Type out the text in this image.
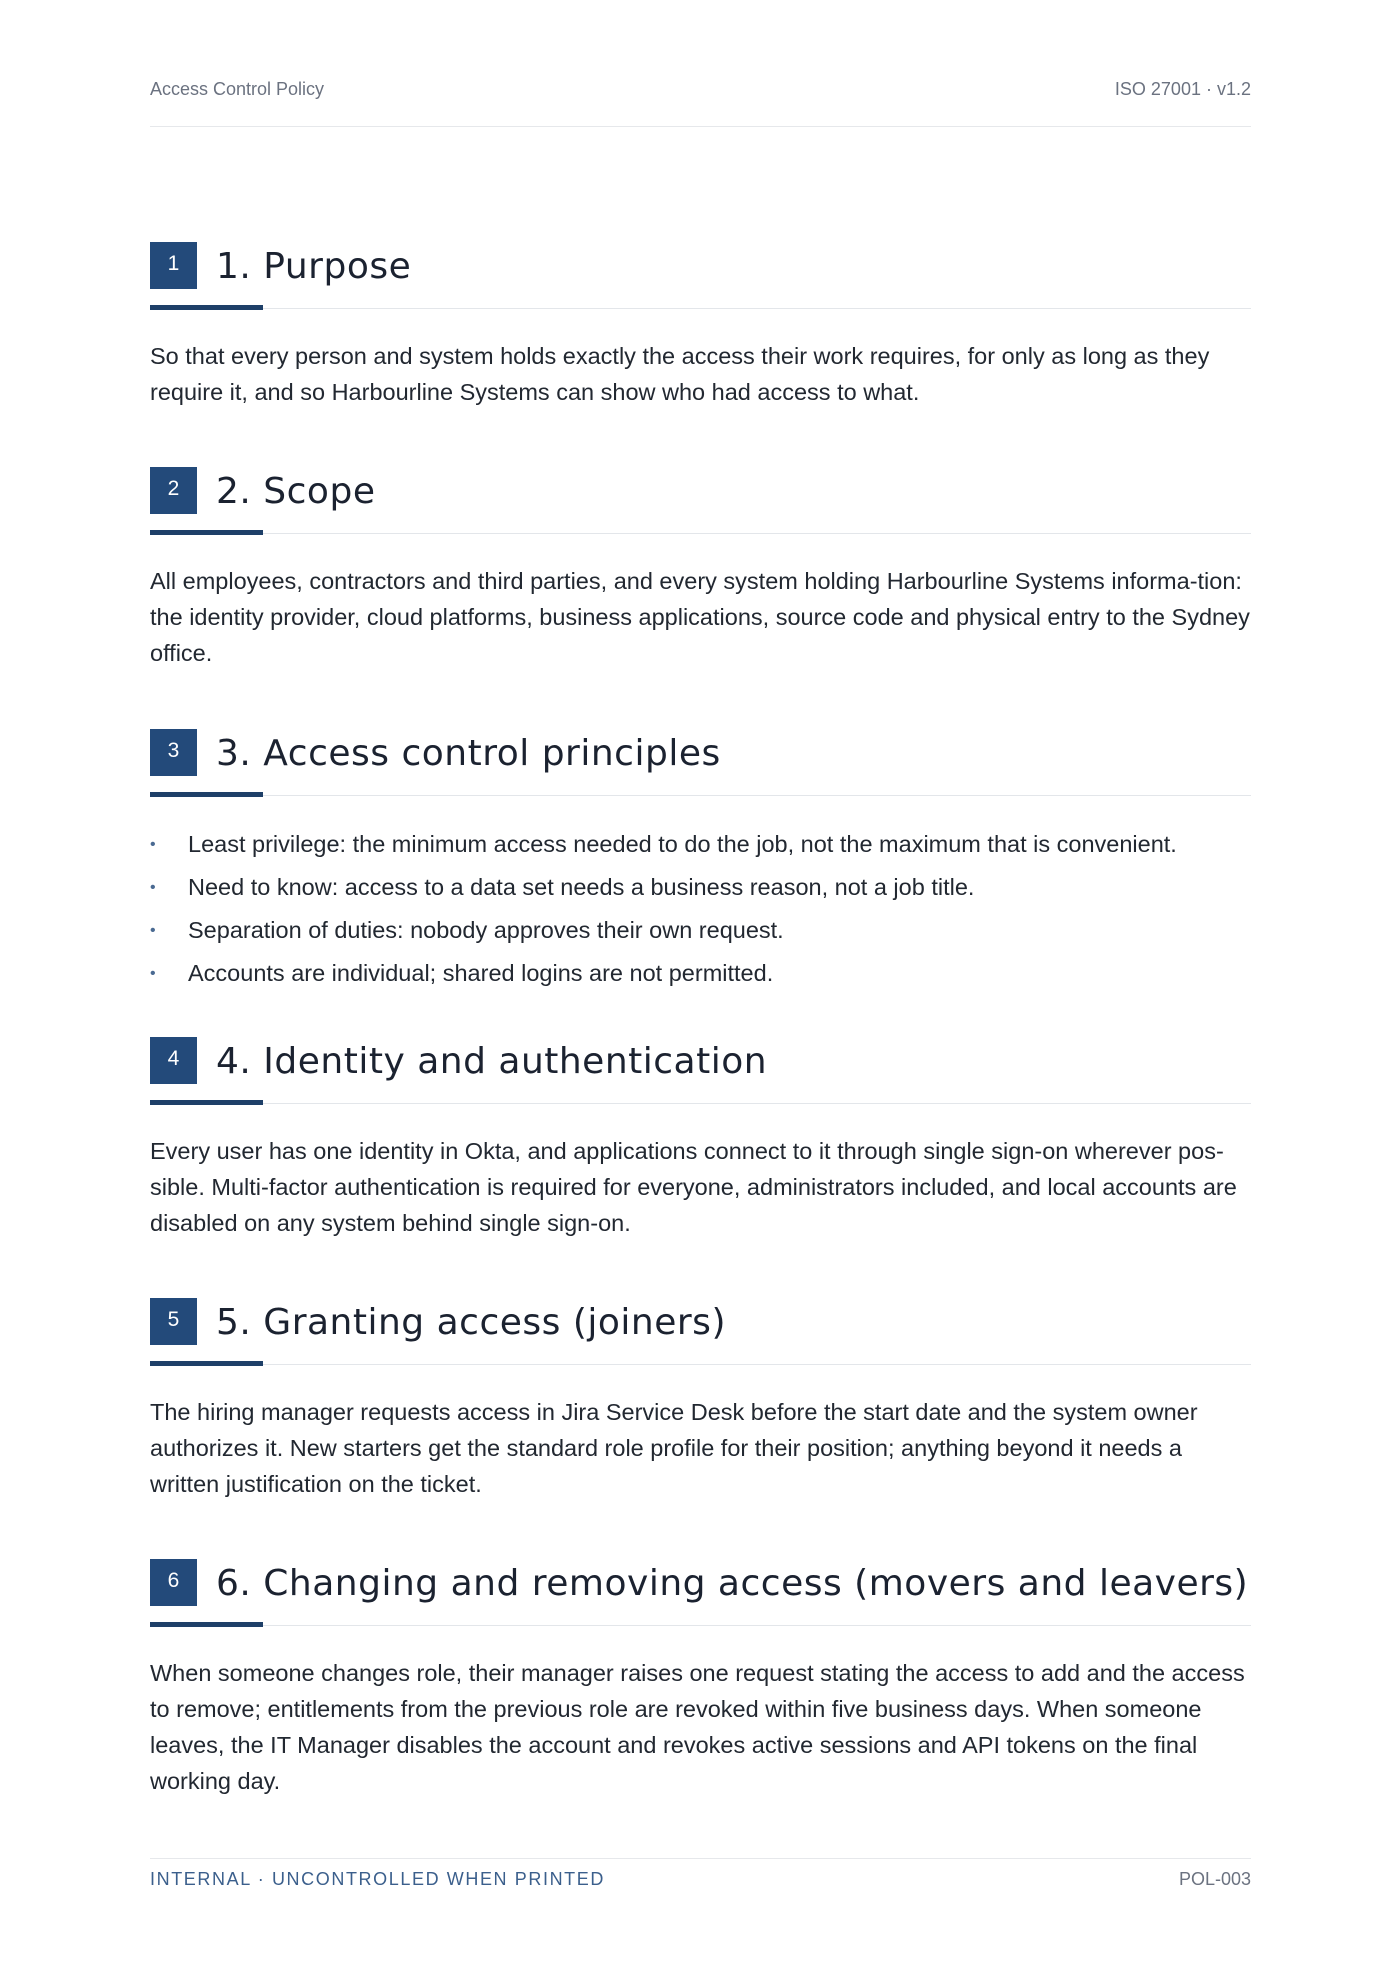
Access Control Policy	ISO 27001 · v1.2
1	1. Purpose

So that every person and system holds exactly the access their work requires, for only as long as they require it, and so Harbourline Systems can show who had access to what.

2	2. Scope

All employees, contractors and third parties, and every system holding Harbourline Systems informa-tion: the identity provider, cloud platforms, business applications, source code and physical entry to the Sydney office.

3	3. Access control principles
• Least privilege: the minimum access needed to do the job, not the maximum that is convenient.
• Need to know: access to a data set needs a business reason, not a job title.
• Separation of duties: nobody approves their own request.
• Accounts are individual; shared logins are not permitted.
4	4. Identity and authentication

Every user has one identity in Okta, and applications connect to it through single sign-on wherever pos-sible. Multi-factor authentication is required for everyone, administrators included, and local accounts are disabled on any system behind single sign-on.

5	5. Granting access (joiners)

The hiring manager requests access in Jira Service Desk before the start date and the system owner authorizes it. New starters get the standard role profile for their position; anything beyond it needs a written justification on the ticket.

6	6. Changing and removing access (movers and leavers)

When someone changes role, their manager raises one request stating the access to add and the access to remove; entitlements from the previous role are revoked within five business days. When someone leaves, the IT Manager disables the account and revokes active sessions and API tokens on the final working day.

INTERNAL · UNCONTROLLED WHEN PRINTED	POL-003
